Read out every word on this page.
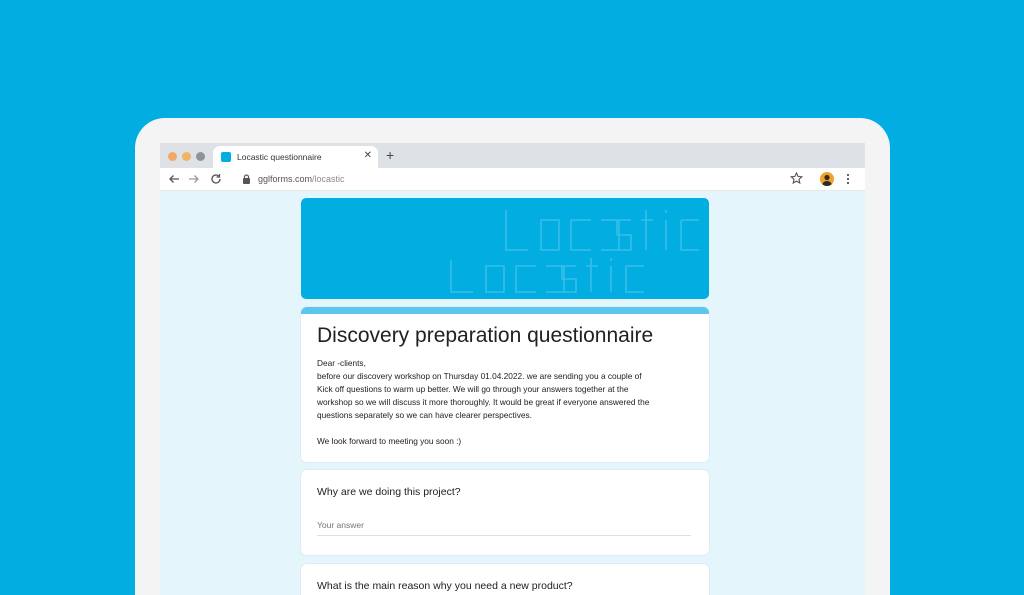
Locastic questionnaire	✕ +
gglforms.com/locastic
Discovery preparation questionnaire

Dear -clients,

before our discovery workshop on Thursday 01.04.2022. we are sending you a couple of

Kick off questions to warm up better. We will go through your answers together at the

workshop so we will discuss it more thoroughly. It would be great if everyone answered the

questions separately so we can have clearer perspectives.

We look forward to meeting you soon :)

Why are we doing this project?
Your answer
What is the main reason why you need a new product?
